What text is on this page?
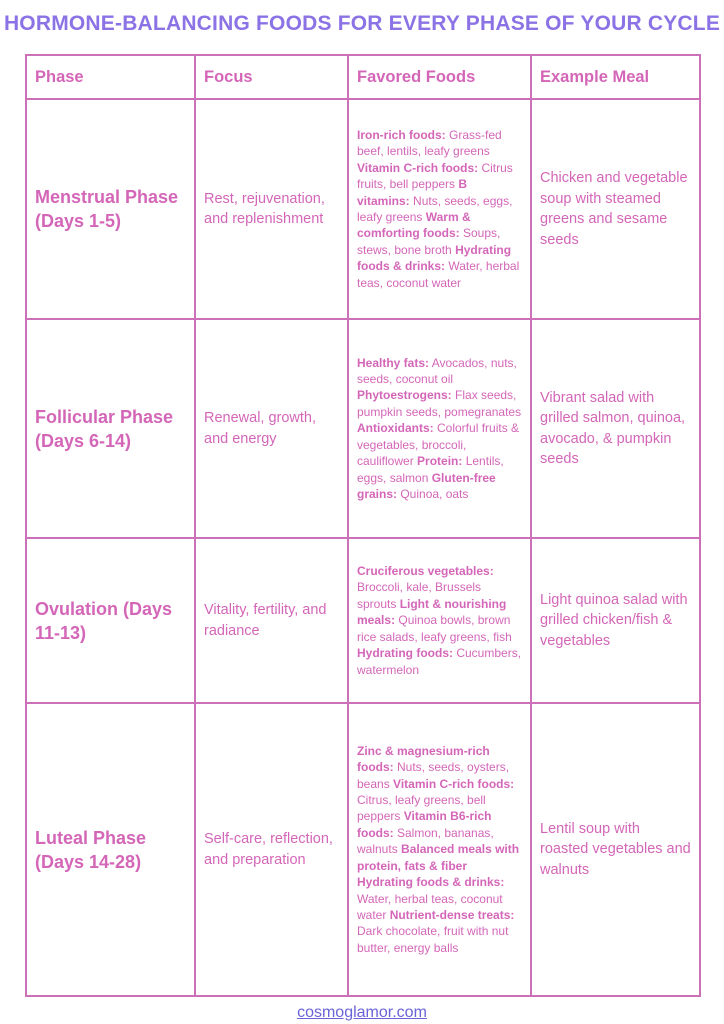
HORMONE-BALANCING FOODS FOR EVERY PHASE OF YOUR CYCLE
Phase	Focus	Favored Foods	Example Meal
Menstrual Phase (Days 1-5)	Rest, rejuvenation, and replenishment	Iron-rich foods: Grass-fed beef, lentils, leafy greens Vitamin C-rich foods: Citrus fruits, bell peppers B vitamins: Nuts, seeds, eggs, leafy greens Warm & comforting foods: Soups, stews, bone broth Hydrating foods & drinks: Water, herbal teas, coconut water	Chicken and vegetable soup with steamed greens and sesame seeds
Follicular Phase (Days 6-14)	Renewal, growth, and energy	Healthy fats: Avocados, nuts, seeds, coconut oil Phytoestrogens: Flax seeds, pumpkin seeds, pomegranates Antioxidants: Colorful fruits & vegetables, broccoli, cauliflower Protein: Lentils, eggs, salmon Gluten-free grains: Quinoa, oats	Vibrant salad with grilled salmon, quinoa, avocado, & pumpkin seeds
Ovulation (Days 11-13)	Vitality, fertility, and radiance	Cruciferous vegetables: Broccoli, kale, Brussels sprouts Light & nourishing meals: Quinoa bowls, brown rice salads, leafy greens, fish Hydrating foods: Cucumbers, watermelon	Light quinoa salad with grilled chicken/fish & vegetables
Luteal Phase (Days 14-28)	Self-care, reflection, and preparation	Zinc & magnesium-rich foods: Nuts, seeds, oysters, beans Vitamin C-rich foods: Citrus, leafy greens, bell peppers Vitamin B6-rich foods: Salmon, bananas, walnuts Balanced meals with protein, fats & fiber Hydrating foods & drinks: Water, herbal teas, coconut water Nutrient-dense treats: Dark chocolate, fruit with nut butter, energy balls	Lentil soup with roasted vegetables and walnuts
cosmoglamor.com
